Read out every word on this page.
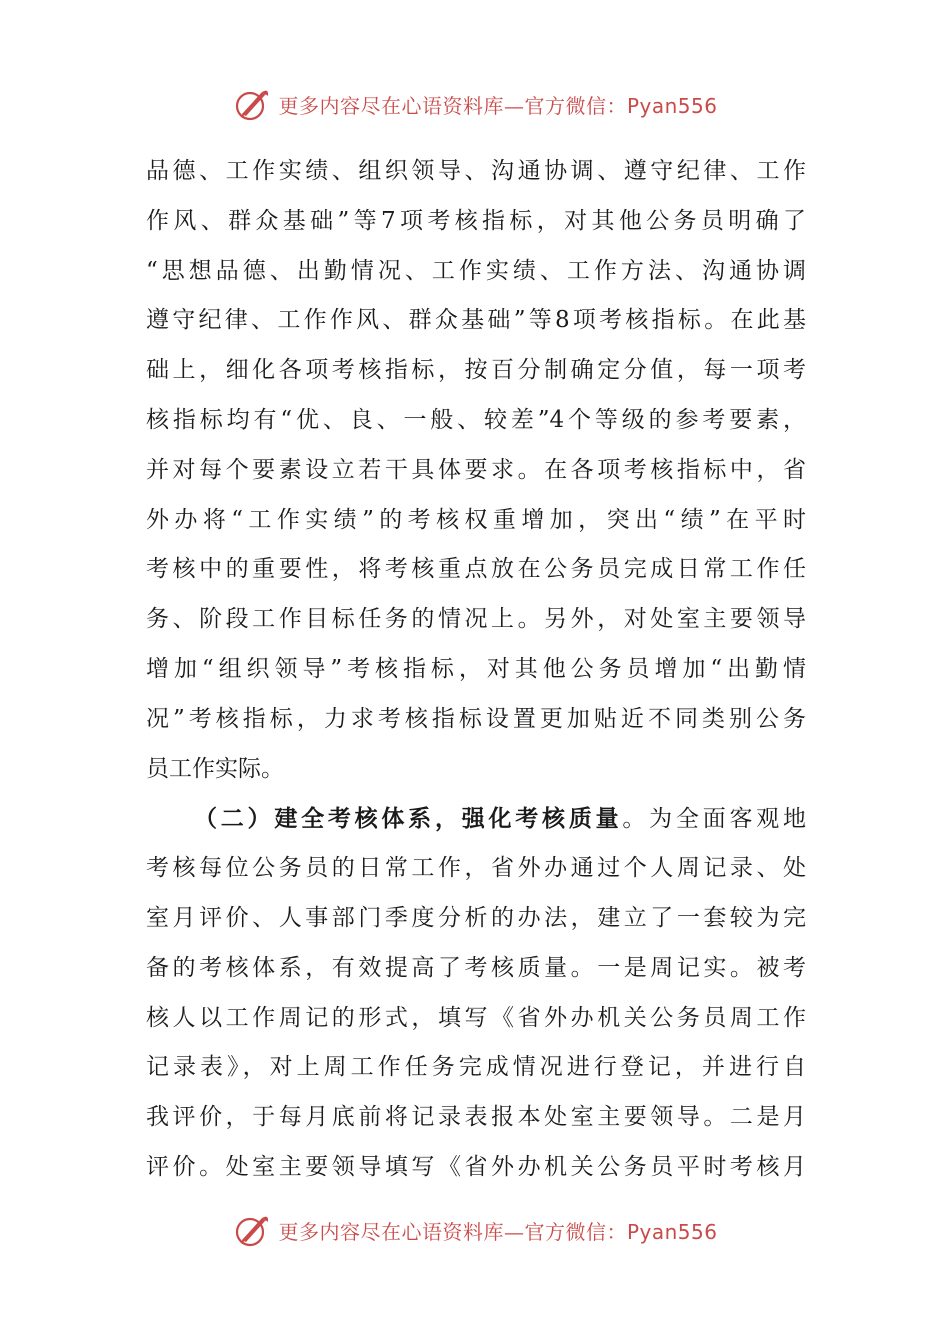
更多内容尽在心语资料库—官方微信：Pyan556
品德、工作实绩、组织领导、沟通协调、遵守纪律、工作
作风、群众基础”等7项考核指标，对其他公务员明确了
“思想品德、出勤情况、工作实绩、工作方法、沟通协调
遵守纪律、工作作风、群众基础”等8项考核指标。在此基
础上，细化各项考核指标，按百分制确定分值，每一项考
核指标均有“优、良、一般、较差”4个等级的参考要素，
并对每个要素设立若干具体要求。在各项考核指标中，省
外办将“工作实绩”的考核权重增加，突出“绩”在平时
考核中的重要性，将考核重点放在公务员完成日常工作任
务、阶段工作目标任务的情况上。另外，对处室主要领导
增加“组织领导”考核指标，对其他公务员增加“出勤情
况”考核指标，力求考核指标设置更加贴近不同类别公务
员工作实际。
（二）建全考核体系，强化考核质量。为全面客观地
考核每位公务员的日常工作，省外办通过个人周记录、处
室月评价、人事部门季度分析的办法，建立了一套较为完
备的考核体系，有效提高了考核质量。一是周记实。被考
核人以工作周记的形式，填写《省外办机关公务员周工作
记录表》，对上周工作任务完成情况进行登记，并进行自
我评价，于每月底前将记录表报本处室主要领导。二是月
评价。处室主要领导填写《省外办机关公务员平时考核月
更多内容尽在心语资料库—官方微信：Pyan556
